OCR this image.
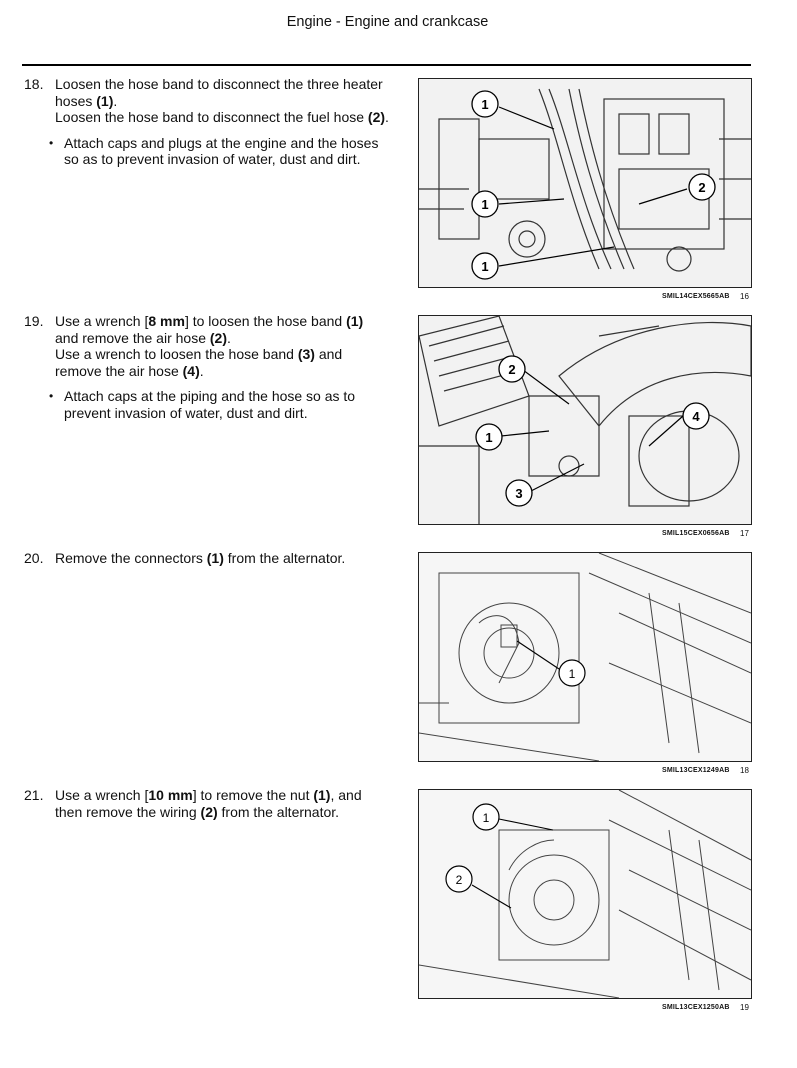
Engine - Engine and crankcase
18. Loosen the hose band to disconnect the three heater hoses (1).
Loosen the hose band to disconnect the fuel hose (2).
• Attach caps and plugs at the engine and the hoses so as to prevent invasion of water, dust and dirt.
19. Use a wrench [8 mm] to loosen the hose band (1) and remove the air hose (2).
Use a wrench to loosen the hose band (3) and remove the air hose (4).
• Attach caps at the piping and the hose so as to prevent invasion of water, dust and dirt.
20. Remove the connectors (1) from the alternator.
21. Use a wrench [10 mm] to remove the nut (1), and then remove the wiring (2) from the alternator.
1
1
1
2
SMIL14CEX5665AB 16
2
1
3
4
SMIL15CEX0656AB 17
1
SMIL13CEX1249AB 18
1
2
SMIL13CEX1250AB 19
